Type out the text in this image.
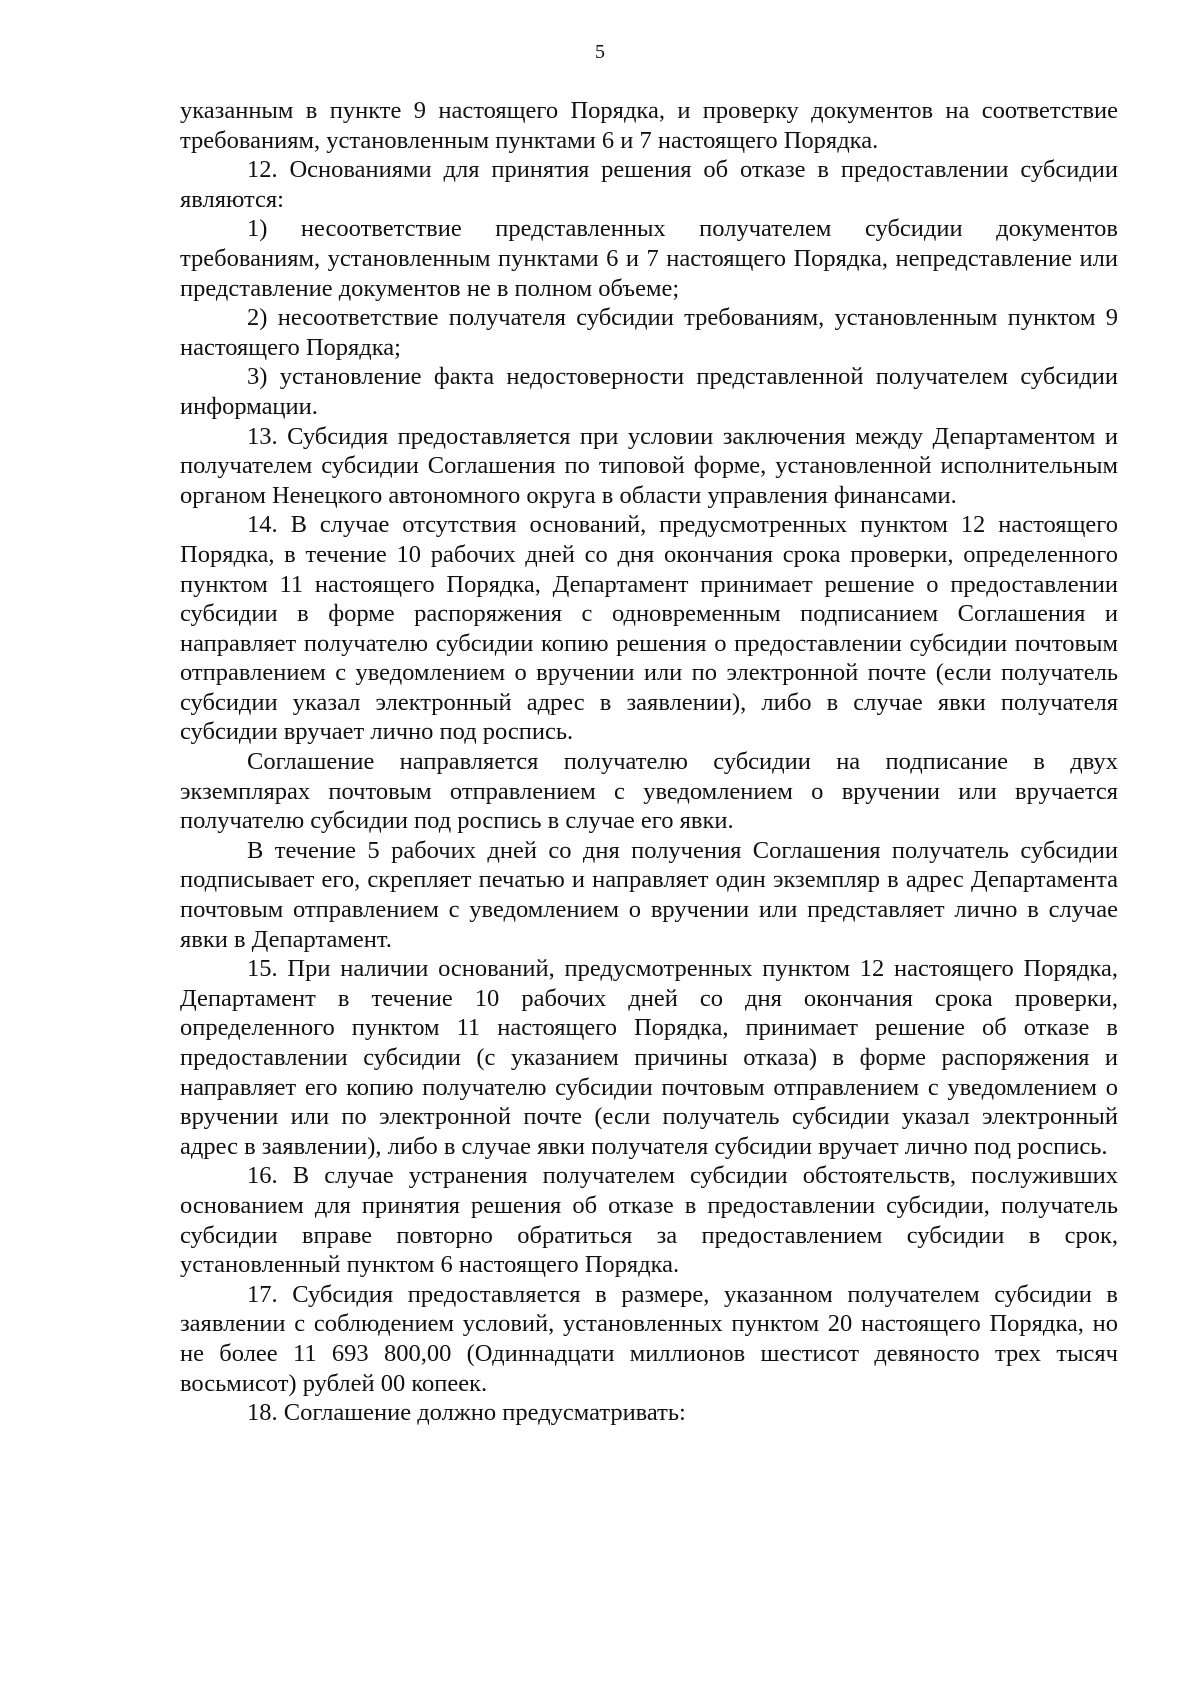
5

указанным в пункте 9 настоящего Порядка, и проверку документов на соответствие требованиям, установленным пунктами 6 и 7 настоящего Порядка.

12. Основаниями для принятия решения об отказе в предоставлении субсидии являются:

1) несоответствие представленных получателем субсидии документов требованиям, установленным пунктами 6 и 7 настоящего Порядка, непредставление или представление документов не в полном объеме;

2) несоответствие получателя субсидии требованиям, установленным пунктом 9 настоящего Порядка;

3) установление факта недостоверности представленной получателем субсидии информации.

13. Субсидия предоставляется при условии заключения между Департаментом и получателем субсидии Соглашения по типовой форме, установленной исполнительным органом Ненецкого автономного округа в области управления финансами.

14. В случае отсутствия оснований, предусмотренных пунктом 12 настоящего Порядка, в течение 10 рабочих дней со дня окончания срока проверки, определенного пунктом 11 настоящего Порядка, Департамент принимает решение о предоставлении субсидии в форме распоряжения с одновременным подписанием Соглашения и направляет получателю субсидии копию решения о предоставлении субсидии почтовым отправлением с уведомлением о вручении или по электронной почте (если получатель субсидии указал электронный адрес в заявлении), либо в случае явки получателя субсидии вручает лично под роспись.

Соглашение направляется получателю субсидии на подписание в двух экземплярах почтовым отправлением с уведомлением о вручении или вручается получателю субсидии под роспись в случае его явки.

В течение 5 рабочих дней со дня получения Соглашения получатель субсидии подписывает его, скрепляет печатью и направляет один экземпляр в адрес Департамента почтовым отправлением с уведомлением о вручении или представляет лично в случае явки в Департамент.

15. При наличии оснований, предусмотренных пунктом 12 настоящего Порядка, Департамент в течение 10 рабочих дней со дня окончания срока проверки, определенного пунктом 11 настоящего Порядка, принимает решение об отказе в предоставлении субсидии (с указанием причины отказа) в форме распоряжения и направляет его копию получателю субсидии почтовым отправлением с уведомлением о вручении или по электронной почте (если получатель субсидии указал электронный адрес в заявлении), либо в случае явки получателя субсидии вручает лично под роспись.

16. В случае устранения получателем субсидии обстоятельств, послуживших основанием для принятия решения об отказе в предоставлении субсидии, получатель субсидии вправе повторно обратиться за предоставлением субсидии в срок, установленный пунктом 6 настоящего Порядка.

17. Субсидия предоставляется в размере, указанном получателем субсидии в заявлении с соблюдением условий, установленных пунктом 20 настоящего Порядка, но не более 11 693 800,00 (Одиннадцати миллионов шестисот девяносто трех тысяч восьмисот) рублей 00 копеек.

18. Соглашение должно предусматривать:
